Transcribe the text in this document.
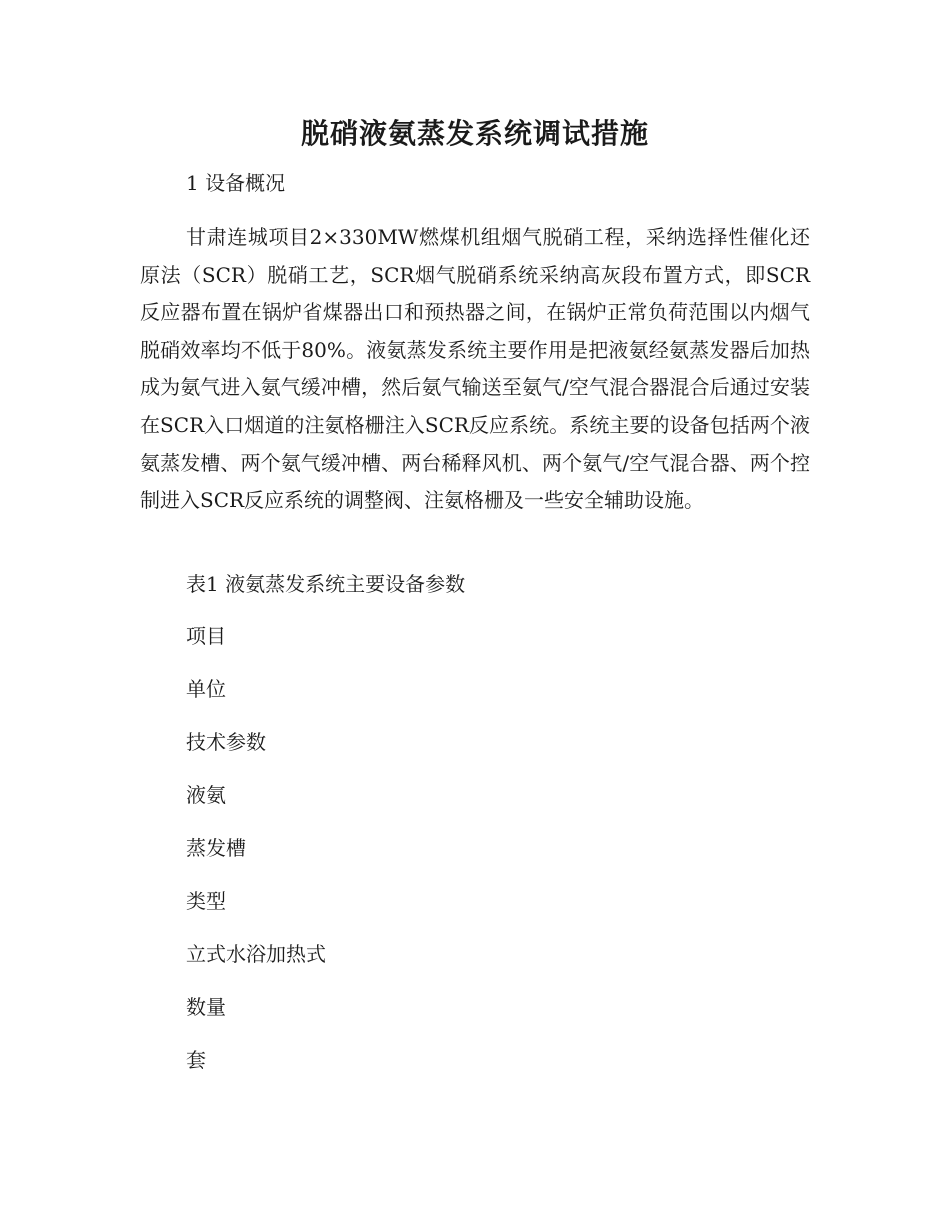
脱硝液氨蒸发系统调试措施

1 设备概况

甘肃连城项目2×330MW燃煤机组烟气脱硝工程，采纳选择性催化还原法（SCR）脱硝工艺，SCR烟气脱硝系统采纳高灰段布置方式，即SCR反应器布置在锅炉省煤器出口和预热器之间，在锅炉正常负荷范围以内烟气脱硝效率均不低于80%。液氨蒸发系统主要作用是把液氨经氨蒸发器后加热成为氨气进入氨气缓冲槽，然后氨气输送至氨气/空气混合器混合后通过安装在SCR入口烟道的注氨格栅注入SCR反应系统。系统主要的设备包括两个液氨蒸发槽、两个氨气缓冲槽、两台稀释风机、两个氨气/空气混合器、两个控制进入SCR反应系统的调整阀、注氨格栅及一些安全辅助设施。

表1 液氨蒸发系统主要设备参数

项目
单位
技术参数
液氨
蒸发槽
类型
立式水浴加热式
数量
套
